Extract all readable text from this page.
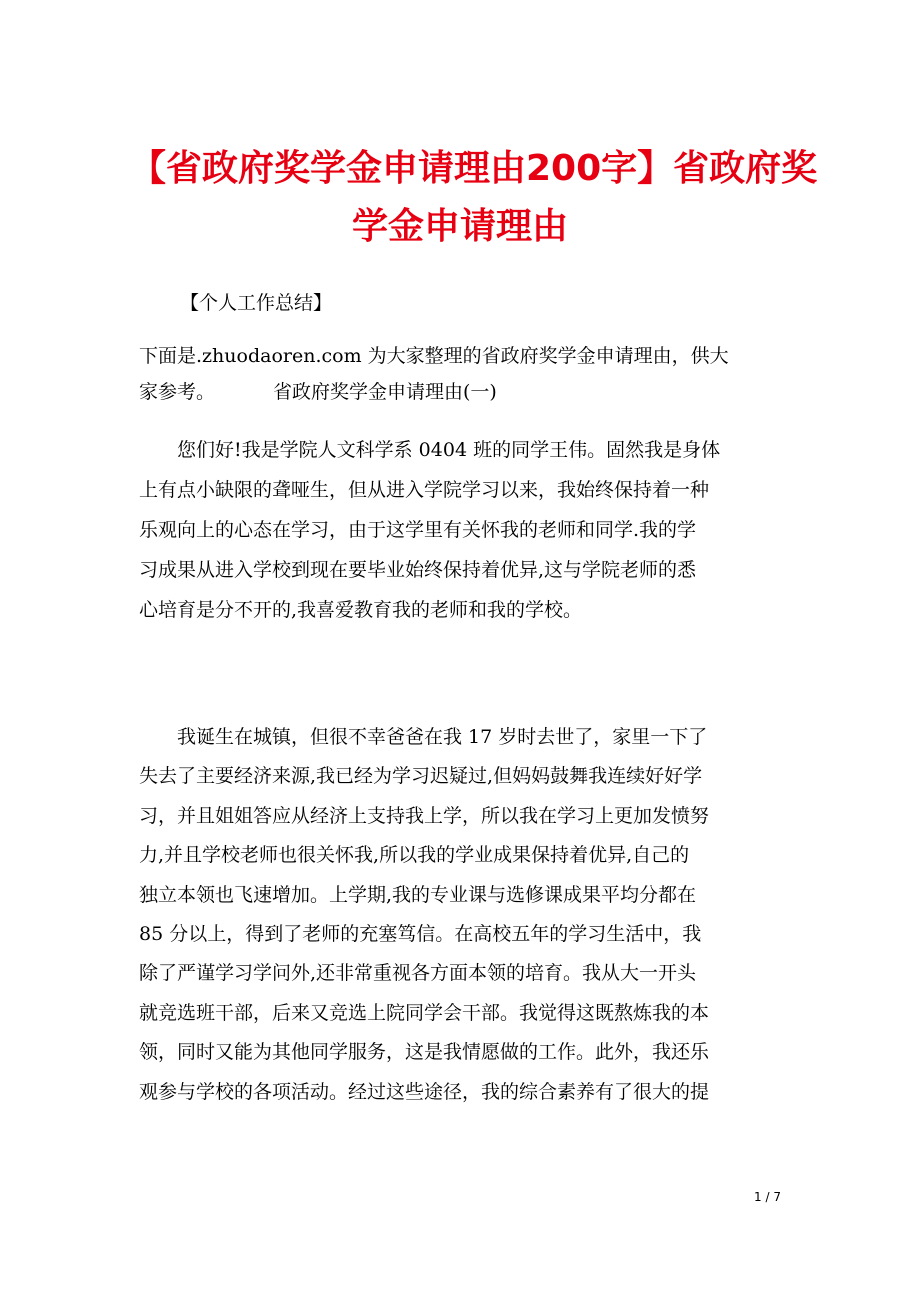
【省政府奖学金申请理由200字】省政府奖
学金申请理由
【个人工作总结】
下面是.zhuodaoren.com 为大家整理的省政府奖学金申请理由，供大
家参考。	省政府奖学金申请理由(一)
您们好!我是学院人文科学系 0404 班的同学王伟。固然我是身体
上有点小缺限的聋哑生，但从进入学院学习以来，我始终保持着一种
乐观向上的心态在学习，由于这学里有关怀我的老师和同学.我的学
习成果从进入学校到现在要毕业始终保持着优异,这与学院老师的悉
心培育是分不开的,我喜爱教育我的老师和我的学校。
我诞生在城镇，但很不幸爸爸在我 17 岁时去世了，家里一下了
失去了主要经济来源,我已经为学习迟疑过,但妈妈鼓舞我连续好好学
习，并且姐姐答应从经济上支持我上学，所以我在学习上更加发愤努
力,并且学校老师也很关怀我,所以我的学业成果保持着优异,自己的
独立本领也飞速增加。上学期,我的专业课与选修课成果平均分都在
85 分以上，得到了老师的充塞笃信。在高校五年的学习生活中，我
除了严谨学习学问外,还非常重视各方面本领的培育。我从大一开头
就竞选班干部，后来又竞选上院同学会干部。我觉得这既熬炼我的本
领，同时又能为其他同学服务，这是我情愿做的工作。此外，我还乐
观参与学校的各项活动。经过这些途径，我的综合素养有了很大的提
1 / 7
